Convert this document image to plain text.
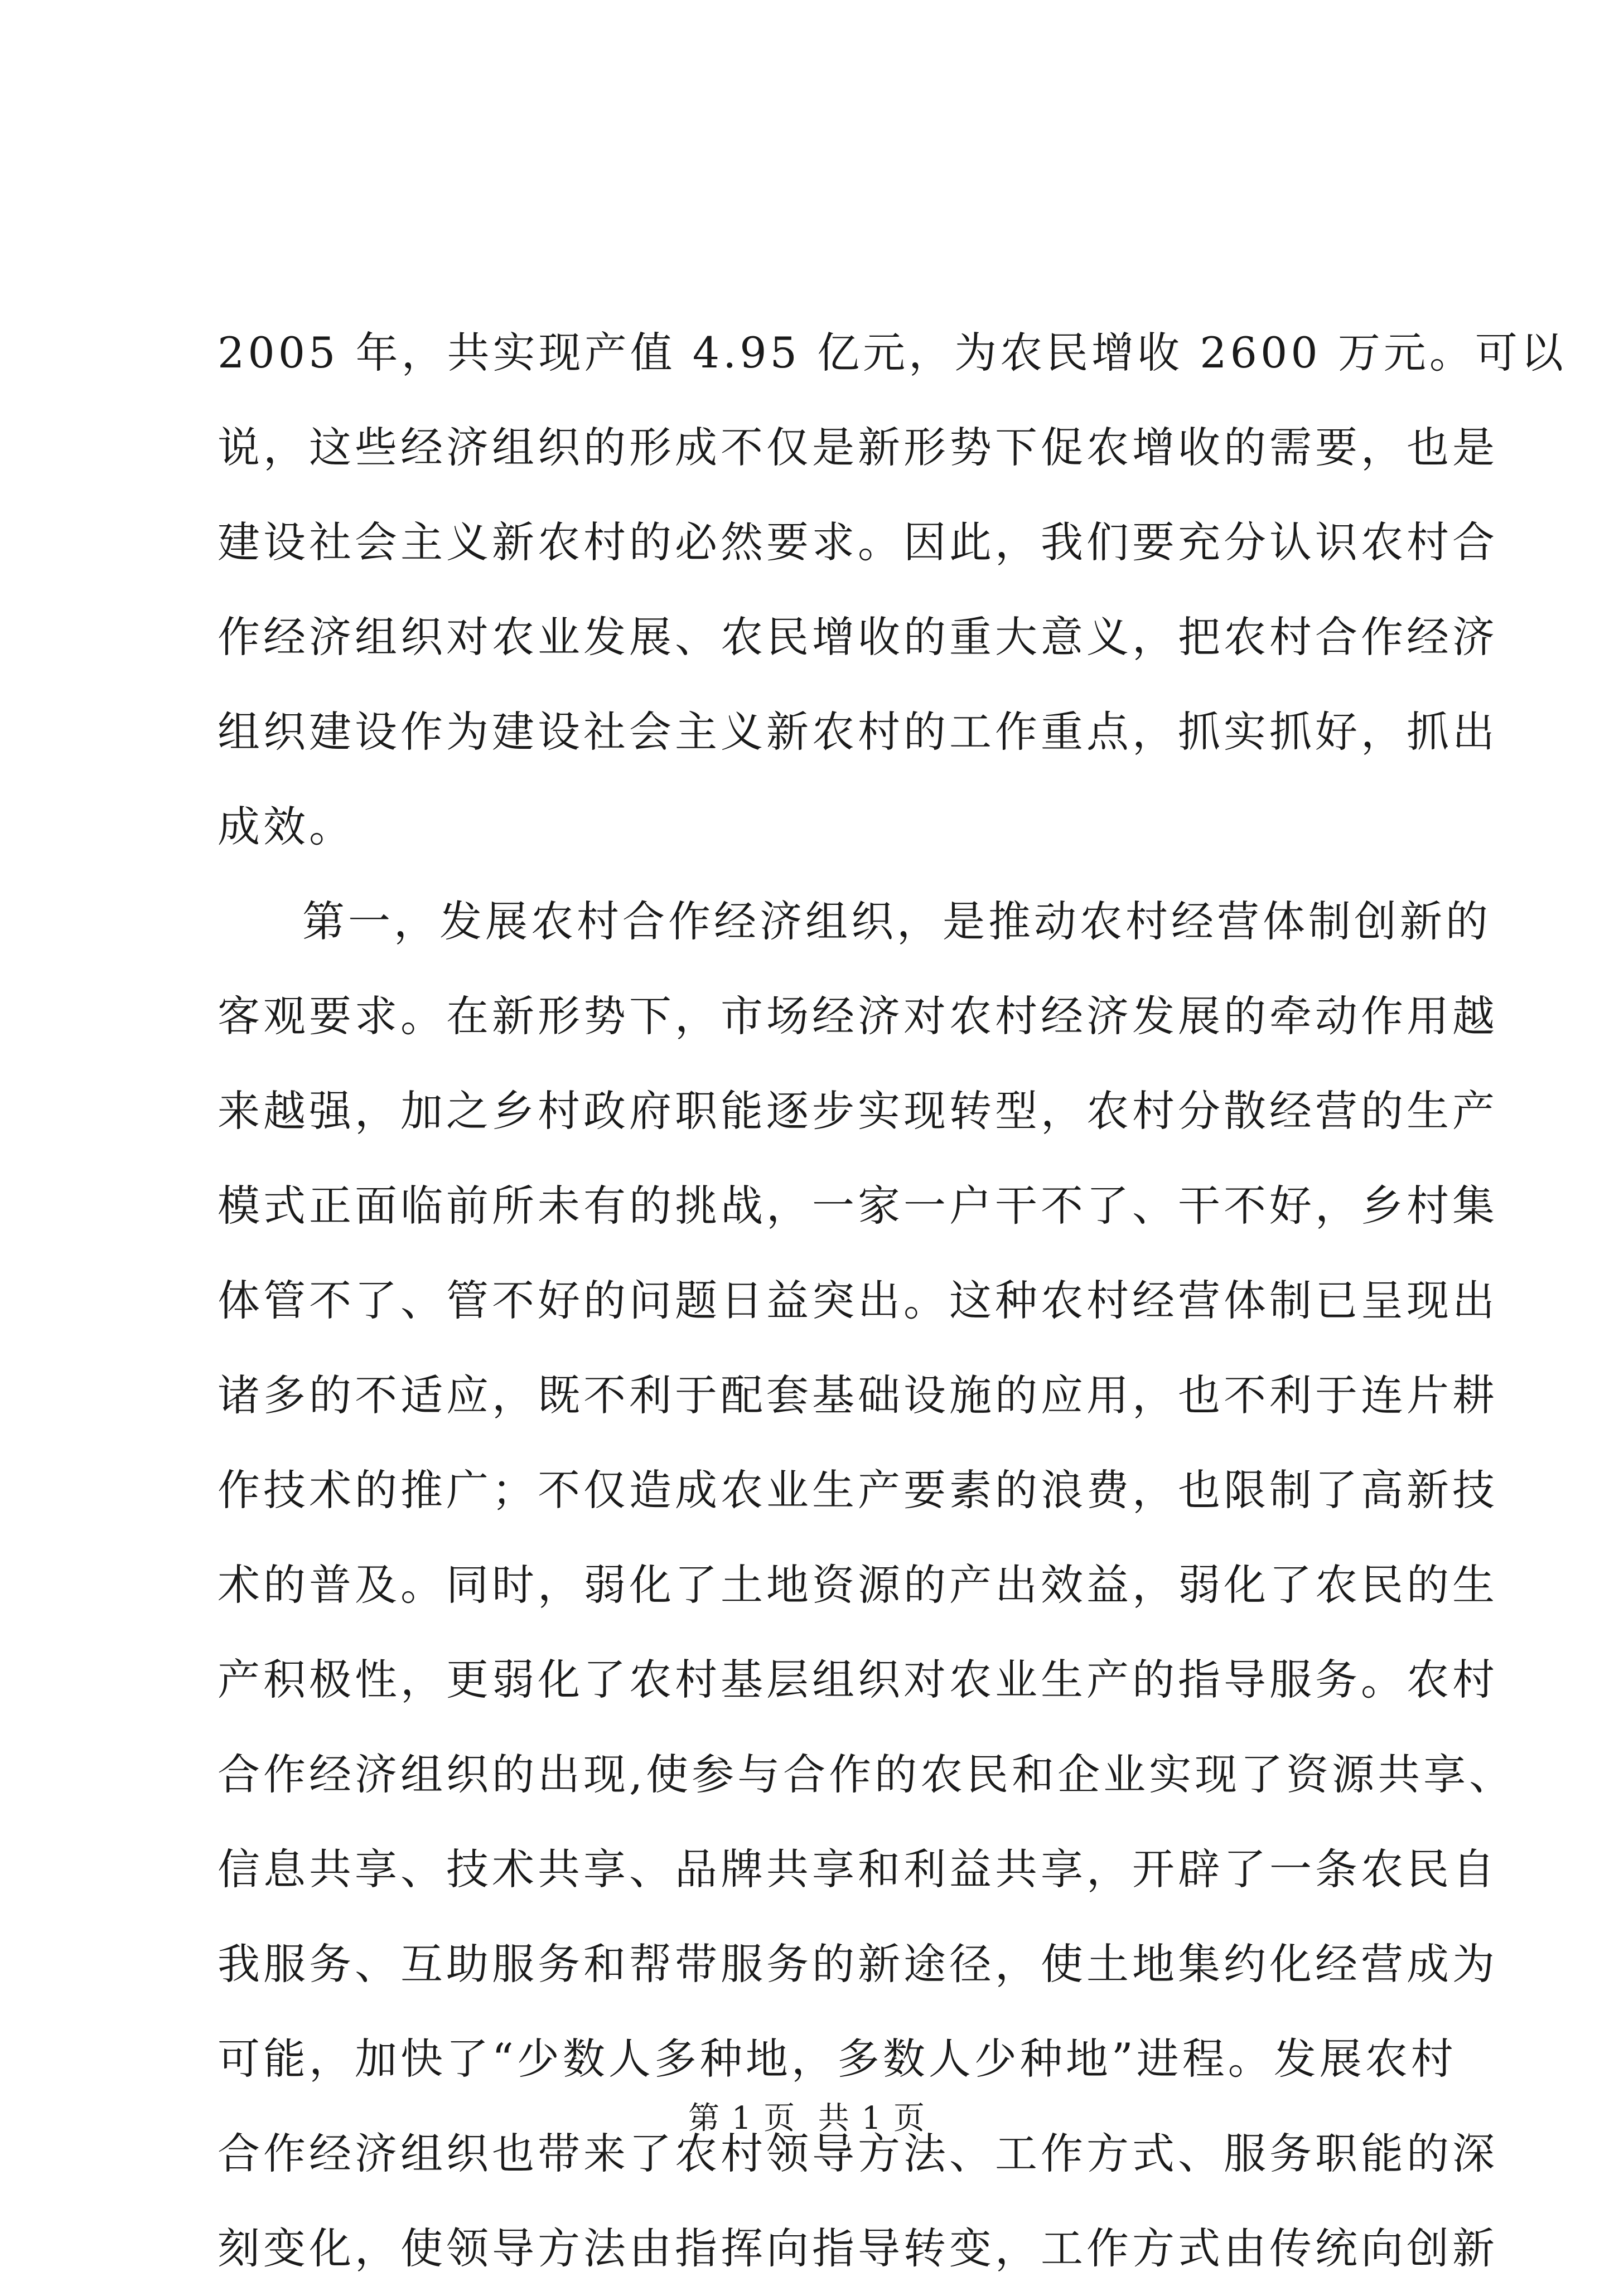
2005 年，共实现产值 4.95 亿元，为农民增收 2600 万元。可以
说，这些经济组织的形成不仅是新形势下促农增收的需要，也是
建设社会主义新农村的必然要求。因此，我们要充分认识农村合
作经济组织对农业发展、农民增收的重大意义，把农村合作经济
组织建设作为建设社会主义新农村的工作重点，抓实抓好，抓出
成效。
第一，发展农村合作经济组织，是推动农村经营体制创新的
客观要求。在新形势下，市场经济对农村经济发展的牵动作用越
来越强，加之乡村政府职能逐步实现转型，农村分散经营的生产
模式正面临前所未有的挑战，一家一户干不了、干不好，乡村集
体管不了、管不好的问题日益突出。这种农村经营体制已呈现出
诸多的不适应，既不利于配套基础设施的应用，也不利于连片耕
作技术的推广；不仅造成农业生产要素的浪费，也限制了高新技
术的普及。同时，弱化了土地资源的产出效益，弱化了农民的生
产积极性，更弱化了农村基层组织对农业生产的指导服务。农村
合作经济组织的出现,使参与合作的农民和企业实现了资源共享、
信息共享、技术共享、品牌共享和利益共享，开辟了一条农民自
我服务、互助服务和帮带服务的新途径，使土地集约化经营成为
可能，加快了“少数人多种地，多数人少种地”进程。发展农村
合作经济组织也带来了农村领导方法、工作方式、服务职能的深
刻变化，使领导方法由指挥向指导转变，工作方式由传统向创新
第 1 页  共 1 页
